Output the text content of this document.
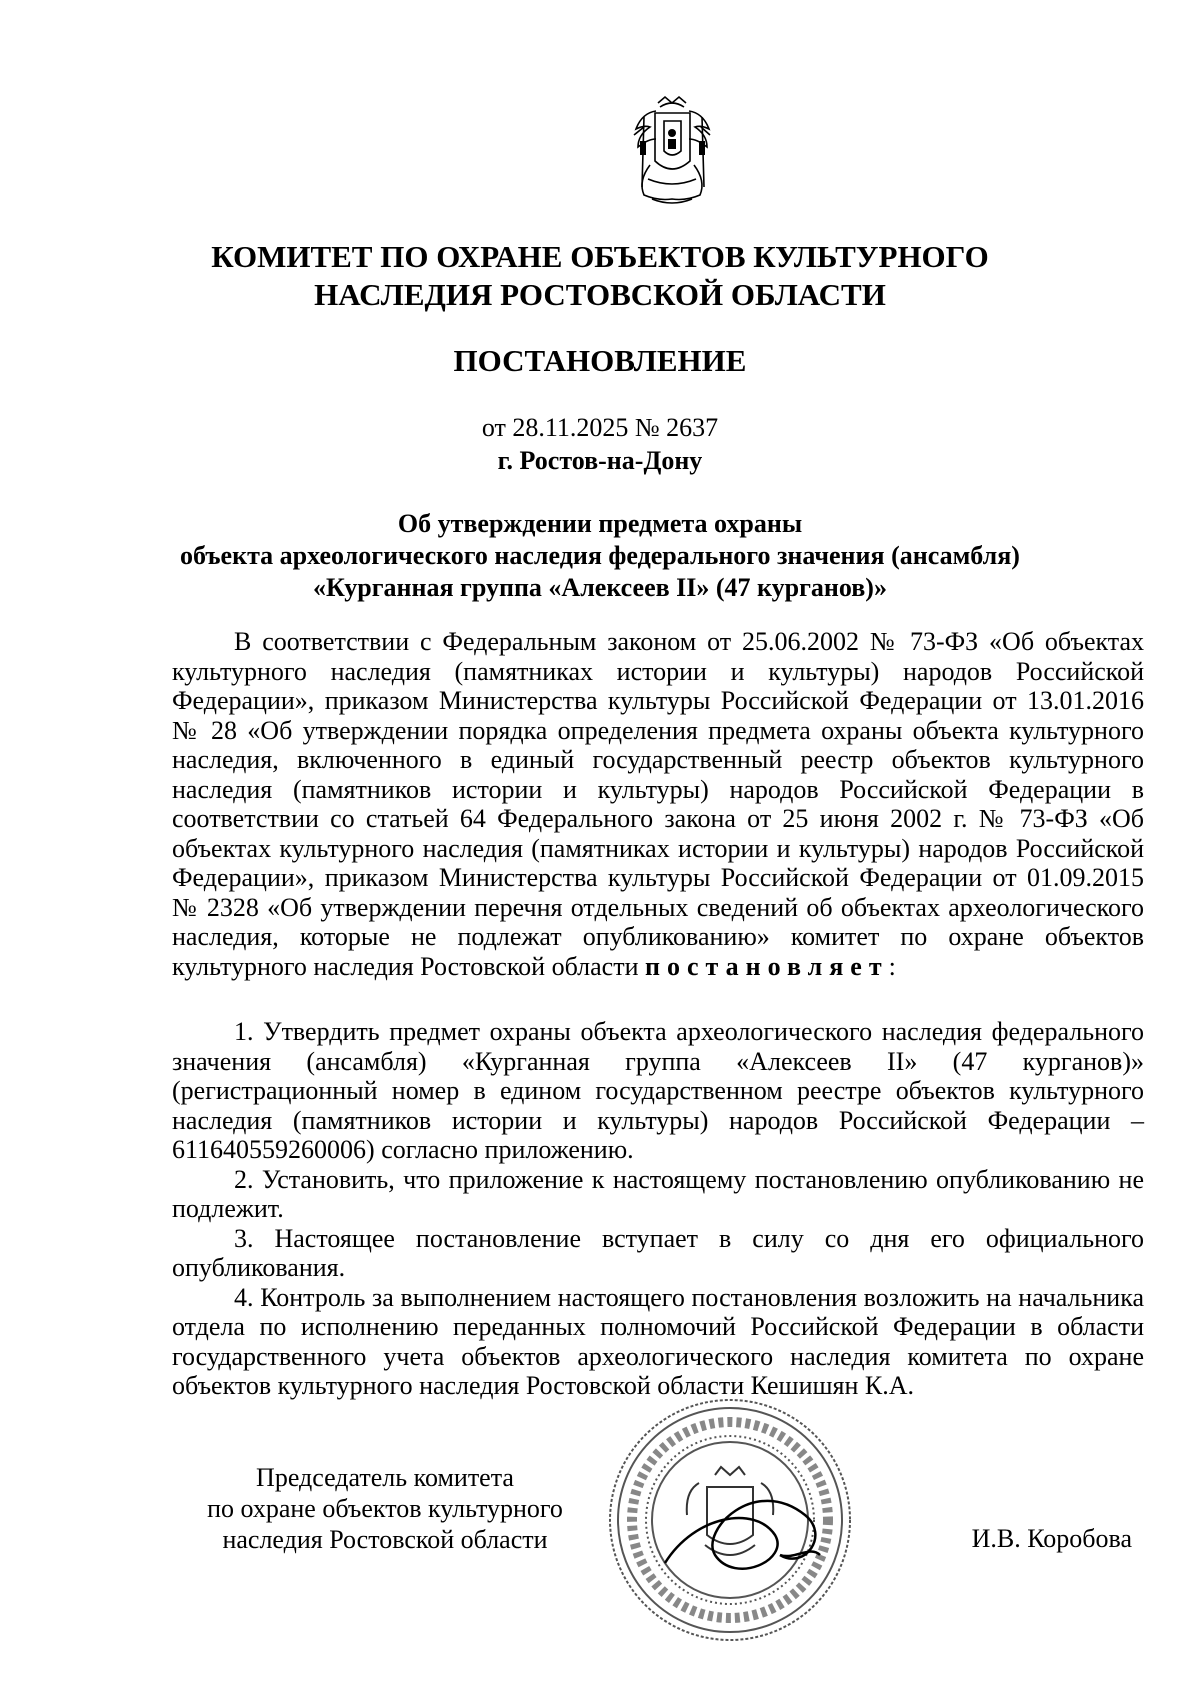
КОМИТЕТ ПО ОХРАНЕ ОБЪЕКТОВ КУЛЬТУРНОГО
НАСЛЕДИЯ РОСТОВСКОЙ ОБЛАСТИ
ПОСТАНОВЛЕНИЕ
от 28.11.2025 № 2637
г. Ростов-на-Дону
Об утверждении предмета охраны
объекта археологического наследия федерального значения (ансамбля)
«Курганная группа «Алексеев II» (47 курганов)»

В соответствии с Федеральным законом от 25.06.2002 № 73-ФЗ «Об объектах культурного наследия (памятниках истории и культуры) народов Российской Федерации», приказом Министерства культуры Российской Федерации от 13.01.2016 № 28 «Об утверждении порядка определения предмета охраны объекта культурного наследия, включенного в единый государственный реестр объектов культурного наследия (памятников истории и культуры) народов Российской Федерации в соответствии со статьей 64 Федерального закона от 25 июня 2002 г. № 73-ФЗ «Об объектах культурного наследия (памятниках истории и культуры) народов Российской Федерации», приказом Министерства культуры Российской Федерации от 01.09.2015 № 2328 «Об утверждении перечня отдельных сведений об объектах археологического наследия, которые не подлежат опубликованию» комитет по охране объектов культурного наследия Ростовской области постановляет:

1. Утвердить предмет охраны объекта археологического наследия федерального значения (ансамбля) «Курганная группа «Алексеев II» (47 курганов)» (регистрационный номер в едином государственном реестре объектов культурного наследия (памятников истории и культуры) народов Российской Федерации – 611640559260006) согласно приложению.

2. Установить, что приложение к настоящему постановлению опубликованию не подлежит.

3. Настоящее постановление вступает в силу со дня его официального опубликования.

4. Контроль за выполнением настоящего постановления возложить на начальника отдела по исполнению переданных полномочий Российской Федерации в области государственного учета объектов археологического наследия комитета по охране объектов культурного наследия Ростовской области Кешишян К.А.

Председатель комитета
по охране объектов культурного
наследия Ростовской области	И.В. Коробова
